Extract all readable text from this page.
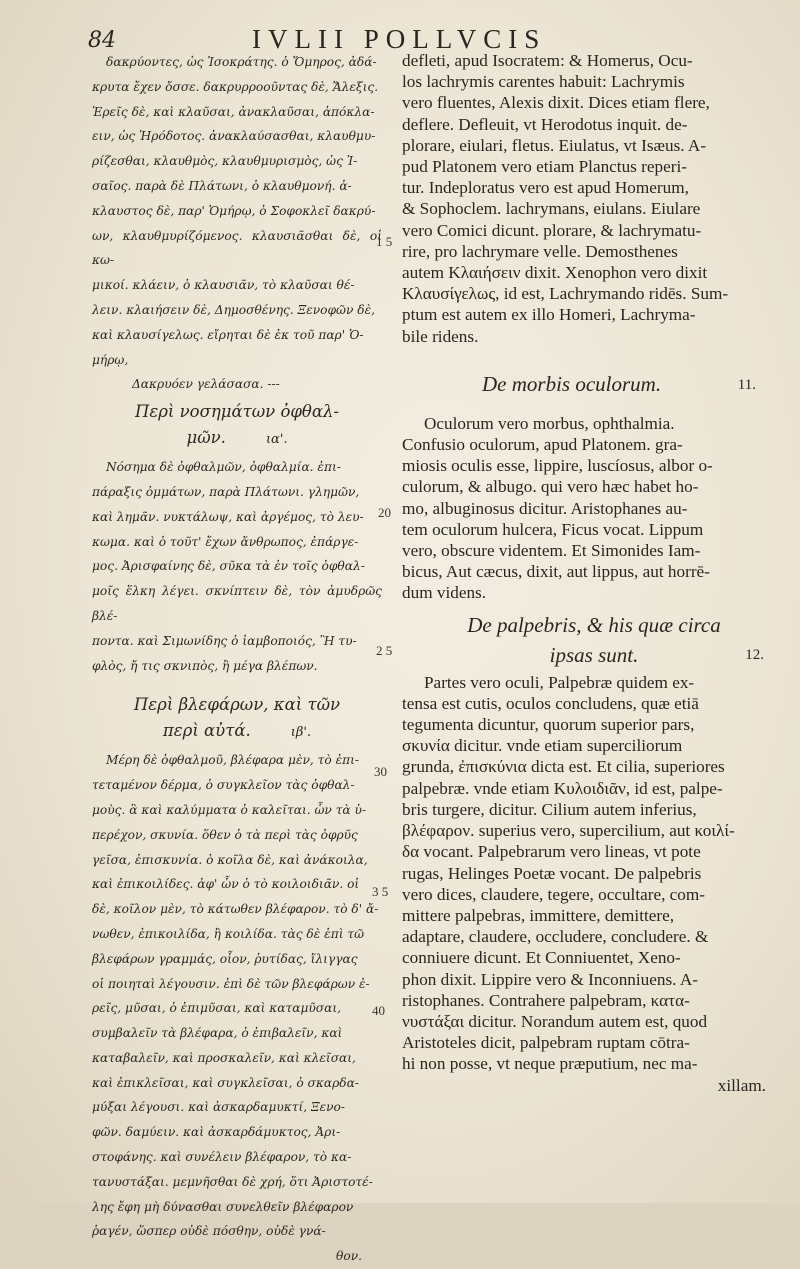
84	IVLII POLLVCIS

δακρύοντες, ὡς Ἰσοκράτης. ὁ Ὅμηρος, ἀδά-

κρυτα ἔχεν ὄσσε. δακρυρροοῦντας δὲ, Ἄλεξις.

Ἐρεῖς δὲ, καὶ κλαῦσαι, ἀνακλαῦσαι, ἀπόκλα-

ειν, ὡς Ἡρόδοτος. ἀνακλαύσασθαι, κλαυθμυ-

ρίζεσθαι, κλαυθμὸς, κλαυθμυρισμὸς, ὡς Ἰ-

σαῖος. παρὰ δὲ Πλάτωνι, ὁ κλαυθμονή. ἀ-

κλαυστος δὲ, παρ' Ὁμήρῳ, ὁ Σοφοκλεῖ δακρύ-

ων, κλαυθμυρίζόμενος. κλαυσιᾶσθαι δὲ, οἱ κω-

μικοί. κλάειν, ὁ κλαυσιᾶν, τὸ κλαῦσαι θέ-

λειν. κλαιήσειν δὲ, Δημοσθένης. Ξενοφῶν δὲ,

καὶ κλαυσίγελως. εἴρηται δὲ ἐκ τοῦ παρ' Ὁ-

μήρῳ,

Δακρυόεν γελάσασα. ---

Περὶ νοσημάτων ὀφθαλ-
μῶν.	ια'.

Νόσημα δὲ ὀφθαλμῶν, ὀφθαλμία. ἐπι-

πάραξις ὀμμάτων, παρὰ Πλάτωνι. γλημῶν,

καὶ λημᾶν. νυκτάλωψ, καὶ ἀργέμος, τὸ λευ-

κωμα. καὶ ὁ τοῦτ' ἔχων ἄνθρωπος, ἐπάργε-

μος. Ἀρισφαίνης δὲ, σῦκα τὰ ἐν τοῖς ὀφθαλ-

μοῖς ἕλκη λέγει. σκνίπτειν δὲ, τὸν ἀμυδρῶς βλέ-

ποντα. καὶ Σιμωνίδης ὁ ἰαμβοποιός, Ἢ τυ-

φλὸς, ἤ τις σκνιπὸς, ἢ μέγα βλέπων.

Περὶ βλεφάρων, καὶ τῶν
περὶ αὐτά.	ιβ'.

Μέρη δὲ ὀφθαλμοῦ, βλέφαρα μὲν, τὸ ἐπι-

τεταμένον δέρμα, ὁ συγκλεῖον τὰς ὀφθαλ-

μοὺς. ἃ καὶ καλύμματα ὁ καλεῖται. ὧν τὰ ὑ-

περέχον, σκυνία. ὅθεν ὁ τὰ περὶ τὰς ὀφρῦς

γεῖσα, ἐπισκυνία. ὁ κοῖλα δὲ, καὶ ἀνάκοιλα,

καὶ ἐπικοιλίδες. ἀφ' ὧν ὁ τὸ κοιλοιδιᾶν. οἱ

δὲ, κοῖλον μὲν, τὸ κάτωθεν βλέφαρον. τὸ δ' ἄ-

νωθεν, ἐπικοιλίδα, ἢ κοιλίδα. τὰς δὲ ἐπὶ τῶ

βλεφάρων γραμμάς, οἷον, ῥυτίδας, ἴλιγγας

οἱ ποιηταὶ λέγουσιν. ἐπὶ δὲ τῶν βλεφάρων ἐ-

ρεῖς, μῦσαι, ὁ ἐπιμῦσαι, καὶ καταμῦσαι,

συμβαλεῖν τὰ βλέφαρα, ὁ ἐπιβαλεῖν, καὶ

καταβαλεῖν, καὶ προσκαλεῖν, καὶ κλεῖσαι,

καὶ ἐπικλεῖσαι, καὶ συγκλεῖσαι, ὁ σκαρδα-

μύξαι λέγουσι. καὶ ἀσκαρδαμυκτί, Ξενο-

φῶν. δαμύειν. καὶ ἀσκαρδάμυκτος, Ἀρι-

στοφάνης. καὶ συνέλειν βλέφαρον, τὸ κα-

τανυστάξαι. μεμνῆσθαι δὲ χρή, ὅτι Ἀριστοτέ-

λης ἔφη μὴ δύνασθαι συνελθεῖν βλέφαρον

ῥαγέν, ὥσπερ οὐδὲ πόσθην, οὐδὲ γνά-

θον.

1 5
20
2 5
30
3 5
40

defleti, apud Isocratem: & Homerus, Ocu-

los lachrymis carentes habuit: Lachrymis

vero fluentes, Alexis dixit. Dices etiam flere,

deflere. Defleuit, vt Herodotus inquit. de-

plorare, eiulari, fletus. Eiulatus, vt Isæus. A-

pud Platonem vero etiam Planctus reperi-

tur. Indeploratus vero est apud Homerum,

& Sophoclem. lachrymans, eiulans. Eiulare

vero Comici dicunt. plorare, & lachrymatu-

rire, pro lachrymare velle. Demosthenes

autem Κλαιήσειν dixit. Xenophon vero dixit

Κλαυσίγελως, id est, Lachrymando ridēs. Sum-

ptum est autem ex illo Homeri, Lachryma-

bile ridens.

De morbis oculorum.	11.

Oculorum vero morbus, ophthalmia.

Confusio oculorum, apud Platonem. gra-

miosis oculis esse, lippire, luscíosus, albor o-

culorum, & albugo. qui vero hæc habet ho-

mo, albuginosus dicitur. Aristophanes au-

tem oculorum hulcera, Ficus vocat. Lippum

vero, obscure videntem. Et Simonides Iam-

bicus, Aut cæcus, dixit, aut lippus, aut horrē-

dum videns.

De palpebris, & his quæ circa
ipsas sunt.	12.

Partes vero oculi, Palpebræ quidem ex-

tensa est cutis, oculos concludens, quæ etiā

tegumenta dicuntur, quorum superior pars,

σκυνία dicitur. vnde etiam superciliorum

grunda, ἐπισκύνια dicta est. Et cilia, superiores

palpebræ. vnde etiam Κυλοιδιᾶν, id est, palpe-

bris turgere, dicitur. Cilium autem inferius,

βλέφαρον. superius vero, supercilium, aut κοιλί-

δα vocant. Palpebrarum vero lineas, vt pote

rugas, Helinges Poetæ vocant. De palpebris

vero dices, claudere, tegere, occultare, com-

mittere palpebras, immittere, demittere,

adaptare, claudere, occludere, concludere. &

conniuere dicunt. Et Conniuentet, Xeno-

phon dixit. Lippire vero & Inconniuens. A-

ristophanes. Contrahere palpebram, κατα-

νυστάξαι dicitur. Norandum autem est, quod

Aristoteles dicit, palpebram ruptam cōtra-

hi non posse, vt neque præputium, nec ma-

xillam.
